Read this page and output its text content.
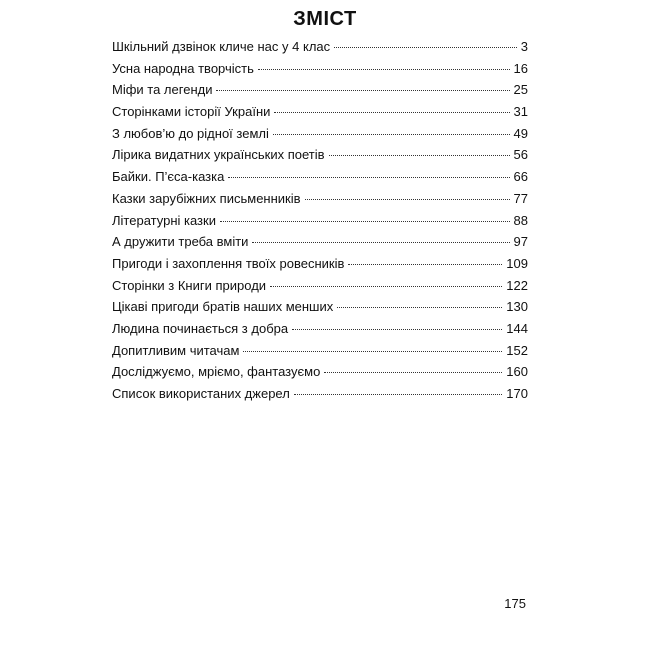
ЗМІСТ
Шкільний дзвінок кличе нас у 4 клас	3
Усна народна творчість	16
Міфи та легенди	25
Сторінками історії України	31
З любов’ю до рідної землі	49
Лірика видатних українських поетів	56
Байки. П’єса-казка	66
Казки зарубіжних письменників	77
Літературні казки	88
А дружити треба вміти	97
Пригоди і захоплення твоїх ровесників	109
Сторінки з Книги природи	122
Цікаві пригоди братів наших менших	130
Людина починається з добра	144
Допитливим читачам	152
Досліджуємо, мріємо, фантазуємо	160
Список використаних джерел	170
175
